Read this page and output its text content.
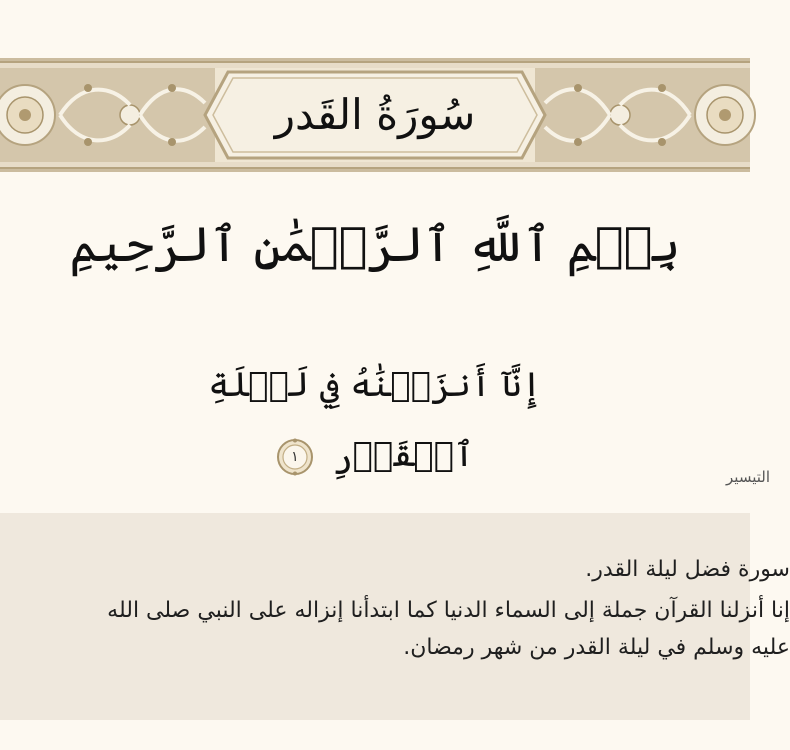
سُورَةُ القَدر
بِسۡمِ ٱللَّهِ ٱلرَّحۡمَٰنِ ٱلرَّحِيمِ
إِنَّآ أَنزَلۡنَٰهُ فِي لَيۡلَةِ ٱلۡقَدۡرِ
١
التيسير
سورة فضل ليلة القدر.
إنا أنزلنا القرآن جملة إلى السماء الدنيا كما ابتدأنا إنزاله على النبي صلى الله
عليه وسلم في ليلة القدر من شهر رمضان.
